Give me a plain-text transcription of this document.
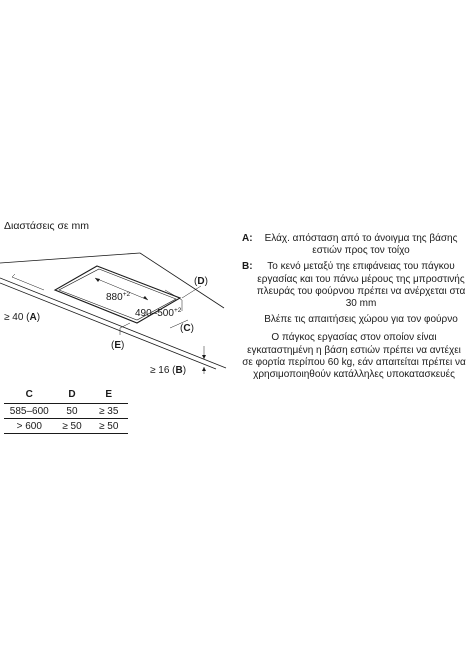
Διαστάσεις σε mm
(D)
$880^{+2}$
$490-500^{+2}$
≥ 40 (A)
(C)
(E)
≥ 16 (B)
C	D	E
585–600	50	≥ 35
> 600	≥ 50	≥ 50
A:	Ελάχ. απόσταση από το άνοιγμα της βάσης εστιών προς τον τοίχο
B:	Το κενό μεταξύ τηε επιφάνειας του πάγκου εργασίας και του πάνω μέρους της μπροστινής πλευράς του φούρνου πρέπει να ανέρχεται στα 30 mm
Βλέπε τις απαιτήσεις χώρου για τον φούρνο
Ο πάγκος εργασίας στον οποίον είναι εγκαταστημένη η βάση εστιών πρέπει να αντέχει σε φορτία περίπου 60 kg, εάν απαιτείται πρέπει να χρησιμοποιηθούν κατάλληλες υποκατασκευές
